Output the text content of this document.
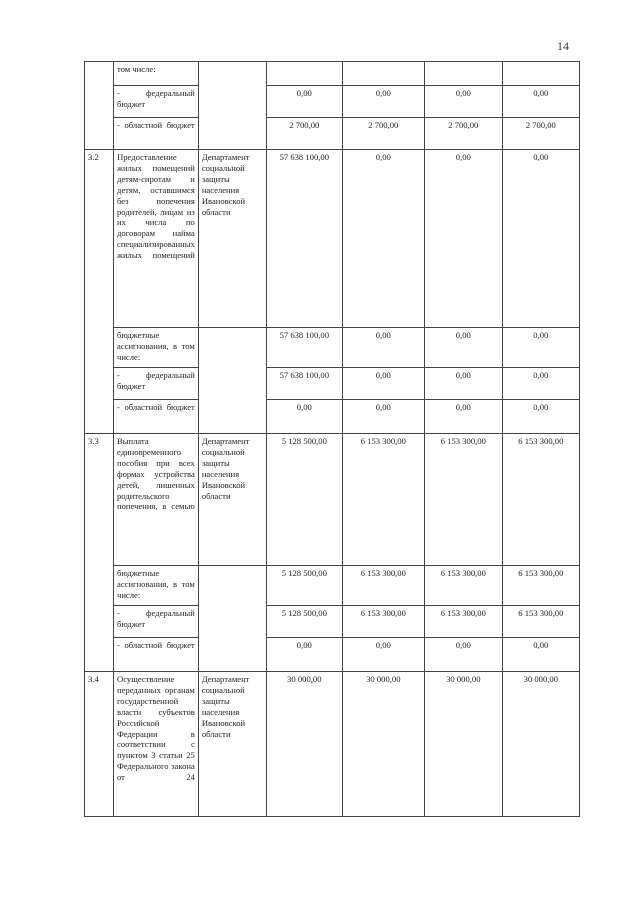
14
	том числе:					
	- федеральный бюджет		0,00	0,00	0,00	0,00
	- областной бюджет		2 700,00	2 700,00	2 700,00	2 700,00
3.2	Предоставление жилых помещений детям-сиротам и детям, оставшимся без попечения родителей, лицам из их числа по договорам найма специализированных жилых помещений	Департамент социальной защиты населения Ивановской области	57 638 100,00	0,00	0,00	0,00
	бюджетные ассигнования, в том числе:		57 638 100,00	0,00	0,00	0,00
	- федеральный бюджет		57 638 100,00	0,00	0,00	0,00
	- областной бюджет		0,00	0,00	0,00	0,00
3.3	Выплата единовременного пособия при всех формах устройства детей, лишенных родительского попечения, в семью	Департамент социальной защиты населения Ивановской области	5 128 500,00	6 153 300,00	6 153 300,00	6 153 300,00
	бюджетные ассигнования, в том числе:		5 128 500,00	6 153 300,00	6 153 300,00	6 153 300,00
	- федеральный бюджет		5 128 500,00	6 153 300,00	6 153 300,00	6 153 300,00
	- областной бюджет		0,00	0,00	0,00	0,00
3.4	Осуществление переданных органам государственной власти субъектов Российской Федерации в соответствии с пунктом 3 статьи 25 Федерального закона от 24	Департамент социальной защиты населения Ивановской области	30 000,00	30 000,00	30 000,00	30 000,00
